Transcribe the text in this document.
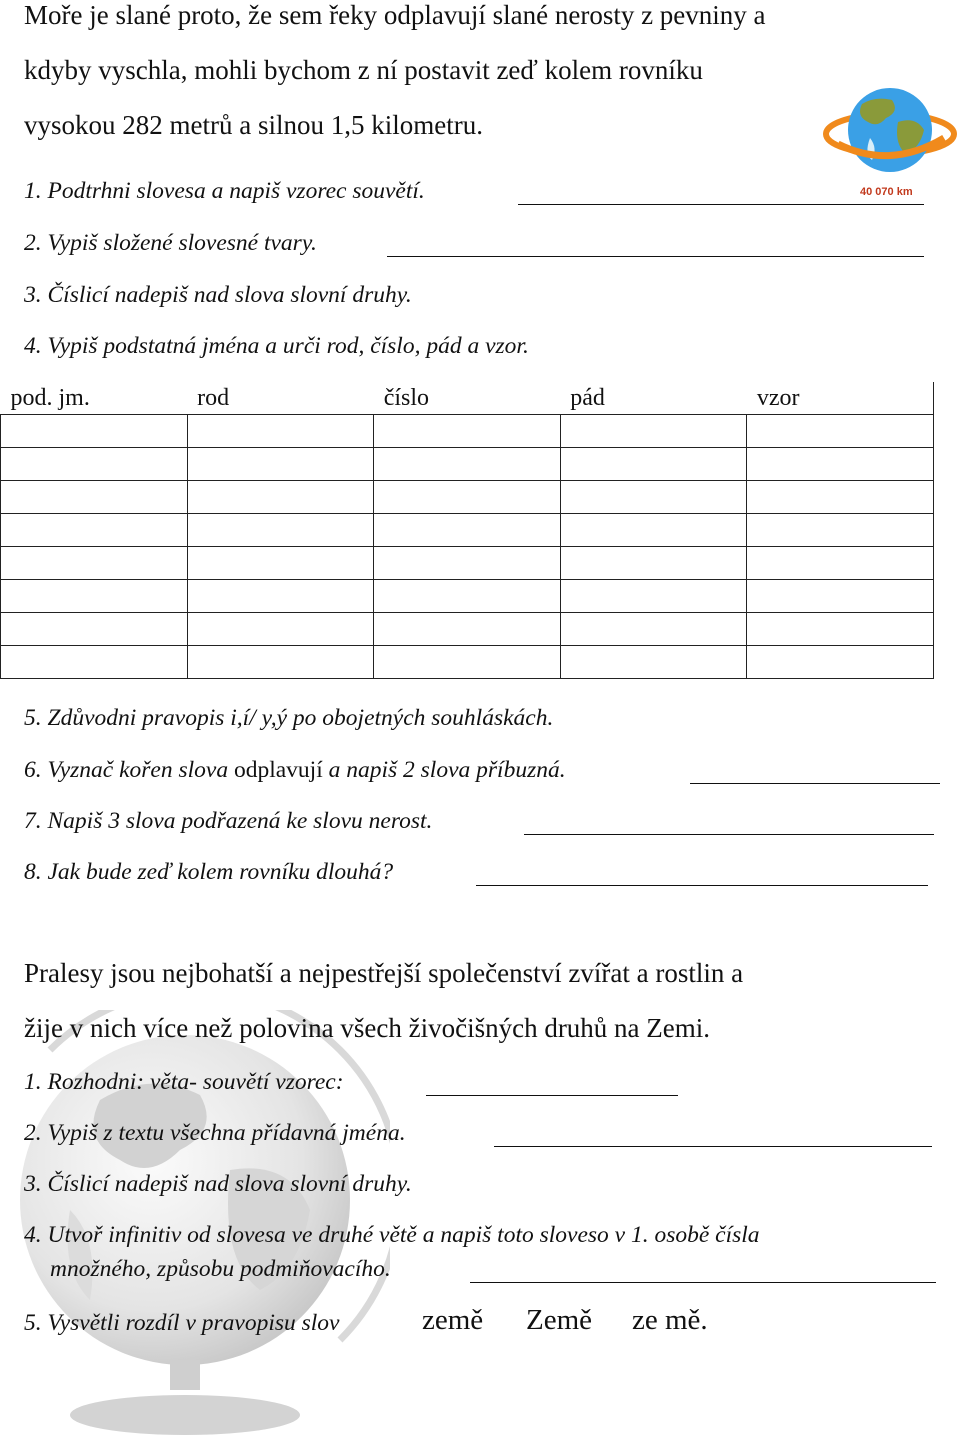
Moře je slané proto, že sem řeky odplavují slané nerosty z pevniny a

kdyby vyschla, mohli bychom z ní postavit zeď kolem rovníku

vysokou 282 metrů a silnou 1,5 kilometru.

40 070 km
1. Podtrhni slovesa a napiš vzorec souvětí.
2. Vypiš složené slovesné tvary.
3. Číslicí nadepiš nad slova slovní druhy.
4. Vypiš podstatná jména a urči rod, číslo, pád a vzor.
pod. jm.	rod	číslo	pád	vzor

5. Zdůvodni pravopis i,í/ y,ý po obojetných souhláskách.
6. Vyznač kořen slova odplavují a napiš 2 slova příbuzná.
7. Napiš 3 slova podřazená ke slovu nerost.
8. Jak bude zeď kolem rovníku dlouhá?

Pralesy jsou nejbohatší a nejpestřejší společenství zvířat a rostlin a

žije v nich více než polovina všech živočišných druhů na Zemi.

1. Rozhodni: věta- souvětí vzorec:
2. Vypiš z textu všechna přídavná jména.
3. Číslicí nadepiš nad slova slovní druhy.
4. Utvoř infinitiv od slovesa ve druhé větě a napiš toto sloveso v 1. osobě čísla
množného, způsobu podmiňovacího.
5. Vysvětli rozdíl v pravopisu slov	země Země ze mě.
